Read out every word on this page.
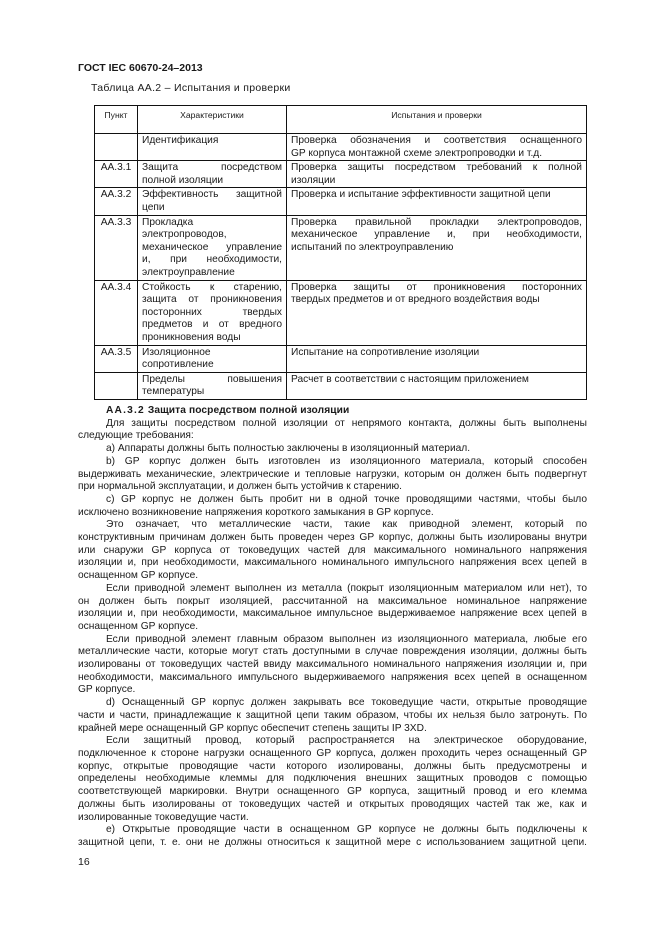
ГОСТ IEC 60670-24–2013
Таблица АА.2 – Испытания и проверки
Пункт	Характеристики	Испытания и проверки

Идентификация	Проверка обозначения и соответствия оснащенного
GP корпуса монтажной схеме электропроводки и т.д.

АА.3.1	Защита посредством
полной изоляции

Проверка защиты посредством требований к полной
изоляции

АА.3.2	Эффективность защитной
цепи

Проверка и испытание эффективности защитной цепи

АА.3.3	Прокладка
электропроводов,
механическое управление
и, при необходимости,
электроуправление

Проверка правильной прокладки электропроводов,
механическое управление и, при необходимости,
испытаний по электроуправлению

АА.3.4	Стойкость к старению,
защита от проникновения
посторонних твердых
предметов и от вредного
проникновения воды

Проверка защиты от проникновения посторонних
твердых предметов и от вредного воздействия воды

АА.3.5	Изоляционное
сопротивление

Испытание на сопротивление изоляции

Пределы повышения
температуры

Расчет в соответствии с настоящим приложением
АА.3.2 Защита посредством полной изоляции
Для защиты посредством полной изоляции от непрямого контакта, должны быть выполнены
следующие требования:
а) Аппараты должны быть полностью заключены в изоляционный материал.
b) GP корпус должен быть изготовлен из изоляционного материала, который способен
выдерживать механические, электрические и тепловые нагрузки, которым он должен быть подвергнут
при нормальной эксплуатации, и должен быть устойчив к старению.
c) GP корпус не должен быть пробит ни в одной точке проводящими частями, чтобы было
исключено возникновение напряжения короткого замыкания в GP корпусе.
Это означает, что металлические части, такие как приводной элемент, который по
конструктивным причинам должен быть проведен через GP корпус, должны быть изолированы внутри
или снаружи GP корпуса от токоведущих частей для максимального номинального напряжения
изоляции и, при необходимости, максимального номинального импульсного напряжения всех цепей в
оснащенном GP корпусе.
Если приводной элемент выполнен из металла (покрыт изоляционным материалом или нет), то
он должен быть покрыт изоляцией, рассчитанной на максимальное номинальное напряжение
изоляции и, при необходимости, максимальное импульсное выдерживаемое напряжение всех цепей в
оснащенном GP корпусе.
Если приводной элемент главным образом выполнен из изоляционного материала, любые его
металлические части, которые могут стать доступными в случае повреждения изоляции, должны быть
изолированы от токоведущих частей ввиду максимального номинального напряжения изоляции и, при
необходимости, максимального импульсного выдерживаемого напряжения всех цепей в оснащенном
GP корпусе.
d) Оснащенный GP корпус должен закрывать все токоведущие части, открытые проводящие
части и части, принадлежащие к защитной цепи таким образом, чтобы их нельзя было затронуть. По
крайней мере оснащенный GP корпус обеспечит степень защиты IP 3XD.
Если защитный провод, который распространяется на электрическое оборудование,
подключенное к стороне нагрузки оснащенного GP корпуса, должен проходить через оснащенный GP
корпус, открытые проводящие части которого изолированы, должны быть предусмотрены и
определены необходимые клеммы для подключения внешних защитных проводов с помощью
соответствующей маркировки. Внутри оснащенного GP корпуса, защитный провод и его клемма
должны быть изолированы от токоведущих частей и открытых проводящих частей так же, как и
изолированные токоведущие части.
e) Открытые проводящие части в оснащенном GP корпусе не должны быть подключены к
защитной цепи, т. е. они не должны относиться к защитной мере с использованием защитной цепи.
16
